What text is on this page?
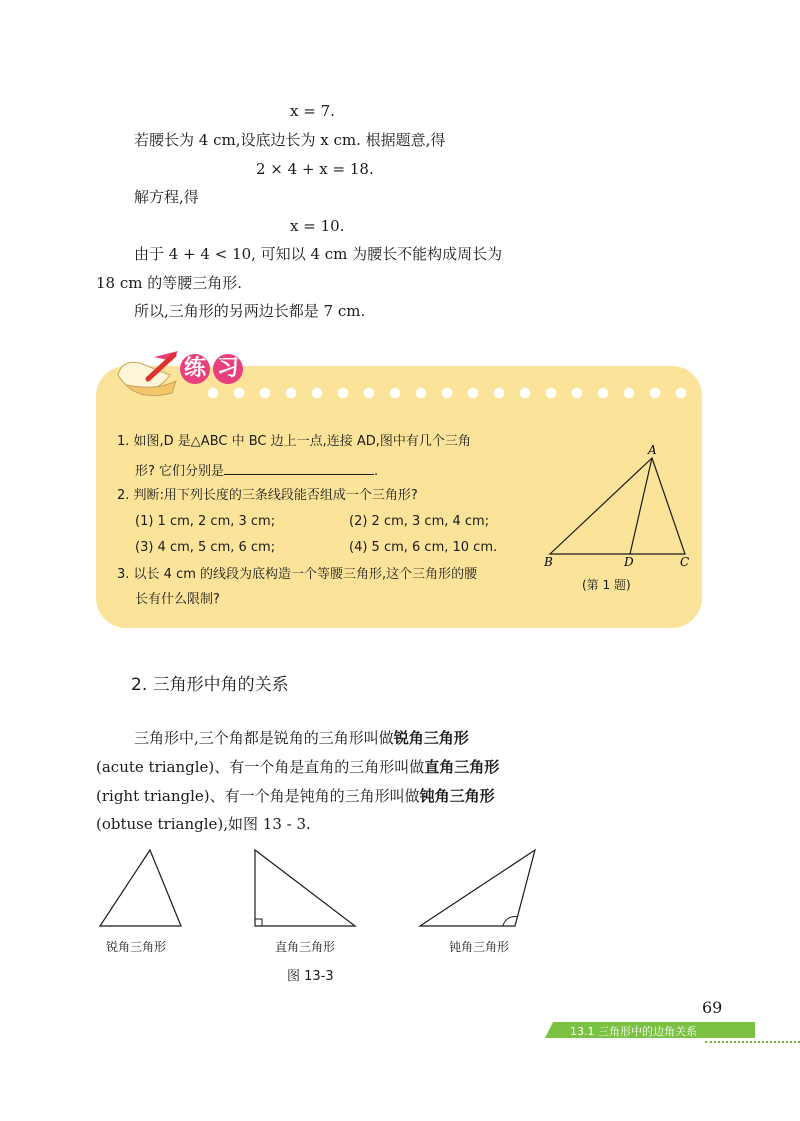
x = 7.
若腰长为 4 cm,设底边长为 x cm. 根据题意,得
2 × 4 + x = 18.
解方程,得
x = 10.
由于 4 + 4 < 10, 可知以 4 cm 为腰长不能构成周长为
18 cm 的等腰三角形.
所以,三角形的另两边长都是 7 cm.
练 习
1. 如图,D 是△ABC 中 BC 边上一点,连接 AD,图中有几个三角
形? 它们分别是	.
2. 判断:用下列长度的三条线段能否组成一个三角形?
(1) 1 cm, 2 cm, 3 cm;	(2) 2 cm, 3 cm, 4 cm;
(3) 4 cm, 5 cm, 6 cm;	(4) 5 cm, 6 cm, 10 cm.
3. 以长 4 cm 的线段为底构造一个等腰三角形,这个三角形的腰
长有什么限制?
A
B	D	C
(第 1 题)
2. 三角形中角的关系
三角形中,三个角都是锐角的三角形叫做锐角三角形
(acute triangle)、有一个角是直角的三角形叫做直角三角形
(right triangle)、有一个角是钝角的三角形叫做钝角三角形
(obtuse triangle),如图 13 - 3.
锐角三角形	直角三角形	钝角三角形
图 13-3
69
13.1 三角形中的边角关系
